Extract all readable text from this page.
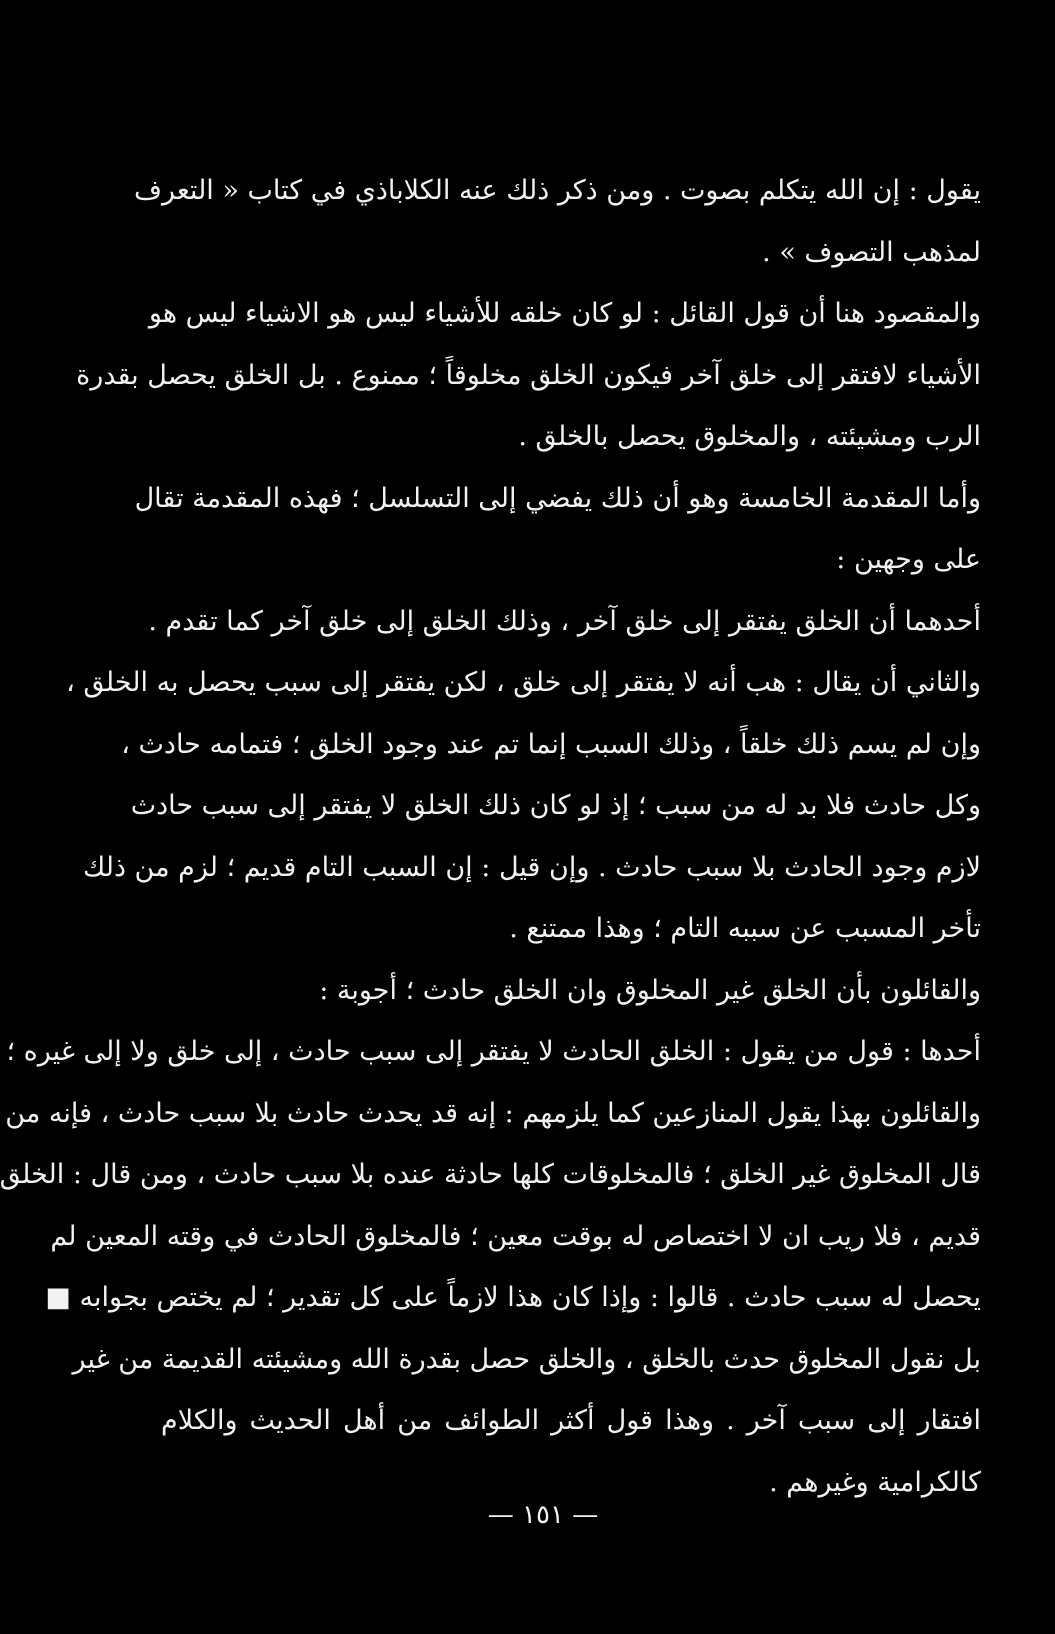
يقول : إن الله يتكلم بصوت . ومن ذكر ذلك عنه الكلاباذي في كتاب « التعرف
لمذهب التصوف » .
والمقصود هنا أن قول القائل : لو كان خلقه للأشياء ليس هو الاشياء ليس هو
الأشياء لافتقر إلى خلق آخر فيكون الخلق مخلوقاً ؛ ممنوع . بل الخلق يحصل بقدرة
الرب ومشيئته ، والمخلوق يحصل بالخلق .
وأما المقدمة الخامسة وهو أن ذلك يفضي إلى التسلسل ؛ فهذه المقدمة تقال
على وجهين :
أحدهما أن الخلق يفتقر إلى خلق آخر ، وذلك الخلق إلى خلق آخر كما تقدم .
والثاني أن يقال : هب أنه لا يفتقر إلى خلق ، لكن يفتقر إلى سبب يحصل به الخلق ،
وإن لم يسم ذلك خلقاً ، وذلك السبب إنما تم عند وجود الخلق ؛ فتمامه حادث ،
وكل حادث فلا بد له من سبب ؛ إذ لو كان ذلك الخلق لا يفتقر إلى سبب حادث
لازم وجود الحادث بلا سبب حادث . وإن قيل : إن السبب التام قديم ؛ لزم من ذلك
تأخر المسبب عن سببه التام ؛ وهذا ممتنع .
والقائلون بأن الخلق غير المخلوق وان الخلق حادث ؛ أجوبة :
أحدها : قول من يقول : الخلق الحادث لا يفتقر إلى سبب حادث ، إلى خلق ولا إلى غيره ؛
والقائلون بهذا يقول المنازعين كما يلزمهم : إنه قد يحدث حادث بلا سبب حادث ، فإنه من
قال المخلوق غير الخلق ؛ فالمخلوقات كلها حادثة عنده بلا سبب حادث ، ومن قال : الخلق
قديم ، فلا ريب ان لا اختصاص له بوقت معين ؛ فالمخلوق الحادث في وقته المعين لم
يحصل له سبب حادث . قالوا : وإذا كان هذا لازماً على كل تقدير ؛ لم يختص بجوابه ■
بل نقول المخلوق حدث بالخلق ، والخلق حصل بقدرة الله ومشيئته القديمة من غير
افتقار إلى سبب آخر . وهذا قول أكثر الطوائف من أهل الحديث والكلام
كالكرامية وغيرهم .
— ١٥١ —
